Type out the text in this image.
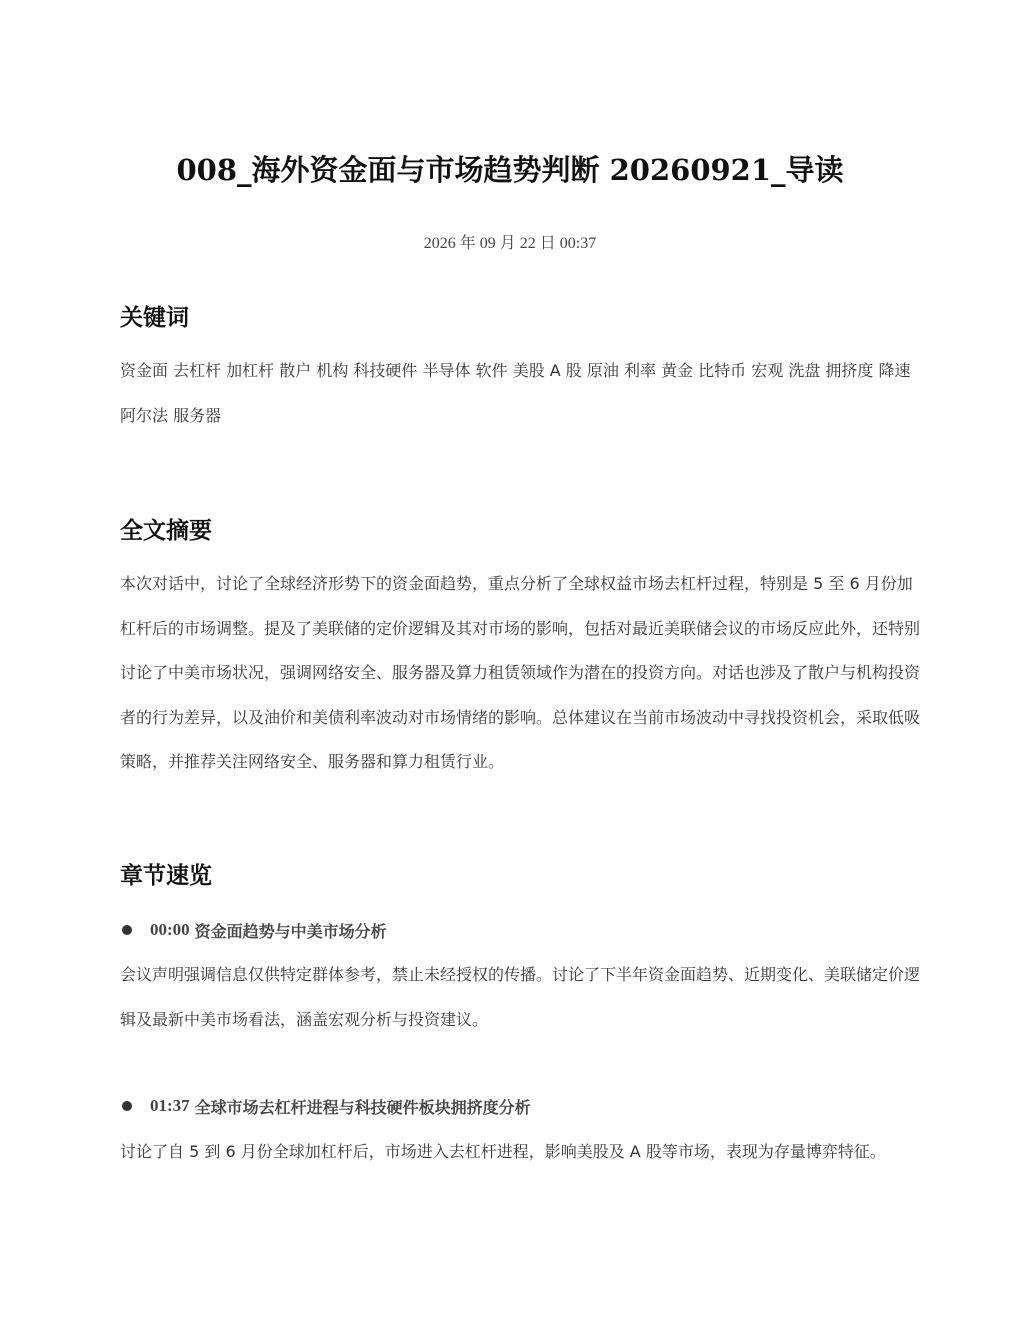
008_海外资金面与市场趋势判断 20260921_导读
2026 年 09 月 22 日 00:37
关键词

资金面 去杠杆 加杠杆 散户 机构 科技硬件 半导体 软件 美股 A 股 原油 利率 黄金 比特币 宏观 洗盘 拥挤度 降速 阿尔法 服务器

全文摘要

本次对话中，讨论了全球经济形势下的资金面趋势，重点分析了全球权益市场去杠杆过程，特别是 5 至 6 月份加杠杆后的市场调整。提及了美联储的定价逻辑及其对市场的影响，包括对最近美联储会议的市场反应此外，还特别讨论了中美市场状况，强调网络安全、服务器及算力租赁领域作为潜在的投资方向。对话也涉及了散户与机构投资者的行为差异，以及油价和美债利率波动对市场情绪的影响。总体建议在当前市场波动中寻找投资机会，采取低吸策略，并推荐关注网络安全、服务器和算力租赁行业。

章节速览
00:00 资金面趋势与中美市场分析

会议声明强调信息仅供特定群体参考，禁止未经授权的传播。讨论了下半年资金面趋势、近期变化、美联储定价逻辑及最新中美市场看法，涵盖宏观分析与投资建议。

01:37 全球市场去杠杆进程与科技硬件板块拥挤度分析

讨论了自 5 到 6 月份全球加杠杆后，市场进入去杠杆进程，影响美股及 A 股等市场，表现为存量博弈特征。
